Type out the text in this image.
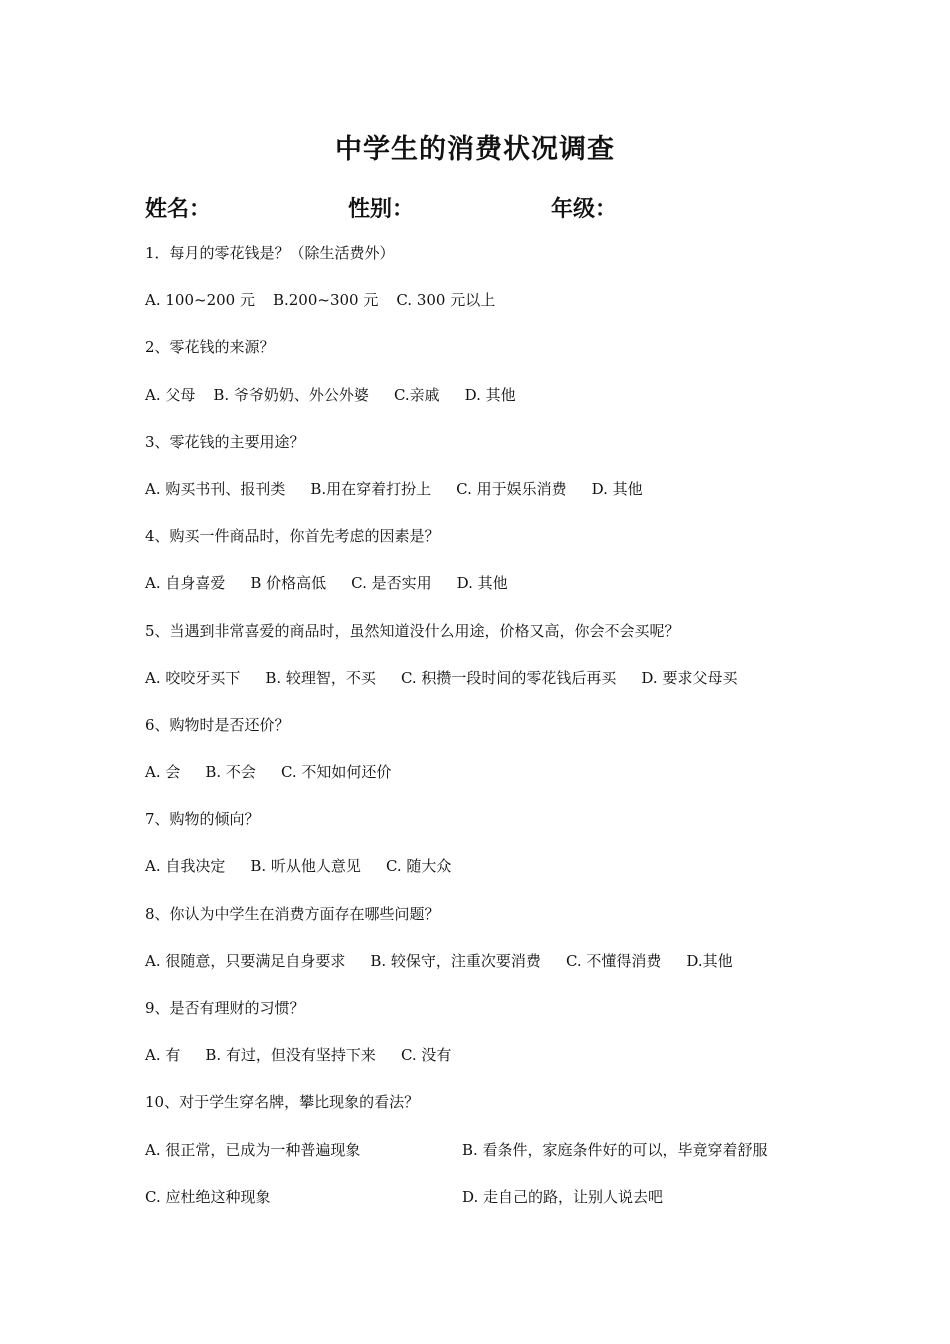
中学生的消费状况调查
姓名：	性别：	年级：
1．每月的零花钱是？（除生活费外）
A. 100~200 元 B.200~300 元 C. 300 元以上
2、零花钱的来源？
A. 父母 B. 爷爷奶奶、外公外婆 C.亲戚 D. 其他
3、零花钱的主要用途？
A. 购买书刊、报刊类 B.用在穿着打扮上 C. 用于娱乐消费 D. 其他
4、购买一件商品时，你首先考虑的因素是？
A. 自身喜爱 B 价格高低 C. 是否实用 D. 其他
5、当遇到非常喜爱的商品时，虽然知道没什么用途，价格又高，你会不会买呢？
A. 咬咬牙买下 B. 较理智，不买 C. 积攒一段时间的零花钱后再买 D. 要求父母买
6、购物时是否还价？
A. 会 B. 不会 C. 不知如何还价
7、购物的倾向？
A. 自我决定 B. 听从他人意见 C. 随大众
8、你认为中学生在消费方面存在哪些问题？
A. 很随意，只要满足自身要求 B. 较保守，注重次要消费 C. 不懂得消费 D.其他
9、是否有理财的习惯？
A. 有 B. 有过，但没有坚持下来 C. 没有
10、对于学生穿名牌，攀比现象的看法？
A. 很正常，已成为一种普遍现象	B. 看条件，家庭条件好的可以，毕竟穿着舒服
C. 应杜绝这种现象	D. 走自己的路，让别人说去吧
